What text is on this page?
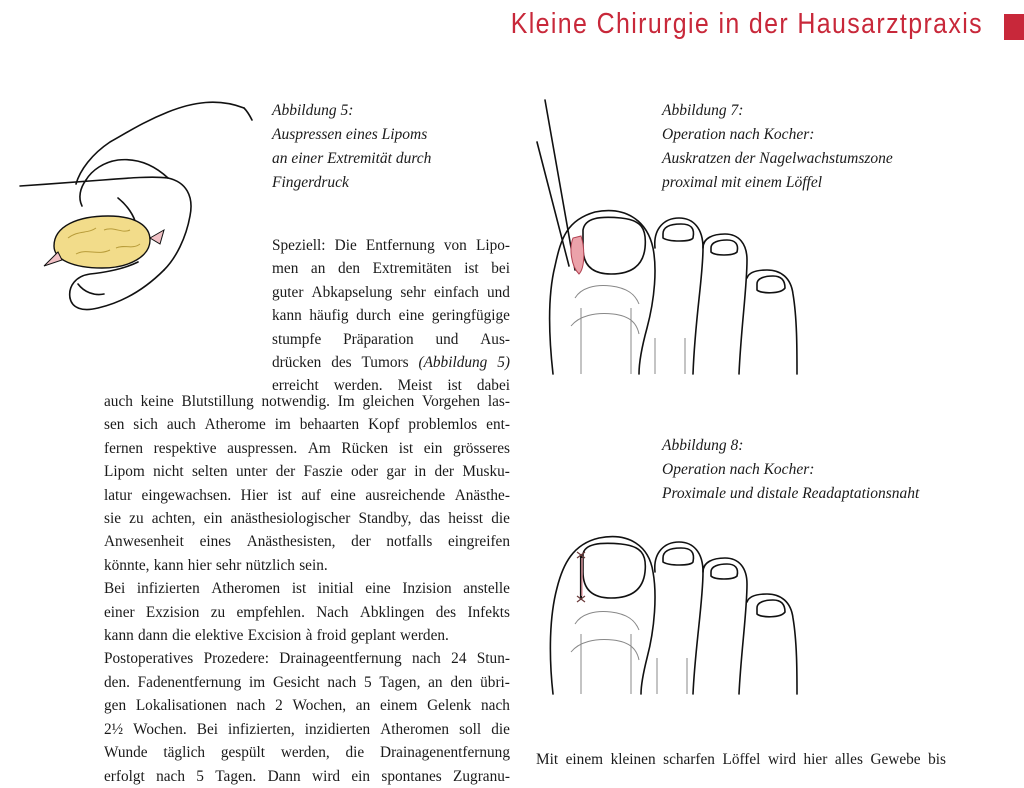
Kleine Chirurgie in der Hausarztpraxis
Abbildung 5:
Auspressen eines Lipoms
an einer Extremität durch
Fingerdruck
Speziell: Die Entfernung von Lipo-
men an den Extremitäten ist bei
guter Abkapselung sehr einfach und
kann häufig durch eine geringfügige
stumpfe Präparation und Aus-
drücken des Tumors (Abbildung 5)
erreicht werden. Meist ist dabei
auch keine Blutstillung notwendig. Im gleichen Vorgehen las-
sen sich auch Atherome im behaarten Kopf problemlos ent-
fernen respektive auspressen. Am Rücken ist ein grösseres
Lipom nicht selten unter der Faszie oder gar in der Musku-
latur eingewachsen. Hier ist auf eine ausreichende Anästhe-
sie zu achten, ein anästhesiologischer Standby, das heisst die
Anwesenheit eines Anästhesisten, der notfalls eingreifen
könnte, kann hier sehr nützlich sein.
Bei infizierten Atheromen ist initial eine Inzision anstelle
einer Exzision zu empfehlen. Nach Abklingen des Infekts
kann dann die elektive Excision à froid geplant werden.
Postoperatives Prozedere: Drainageentfernung nach 24 Stun-
den. Fadenentfernung im Gesicht nach 5 Tagen, an den übri-
gen Lokalisationen nach 2 Wochen, an einem Gelenk nach
2½ Wochen. Bei infizierten, inzidierten Atheromen soll die
Wunde täglich gespült werden, die Drainagenentfernung
erfolgt nach 5 Tagen. Dann wird ein spontanes Zugranu-
Abbildung 7:
Operation nach Kocher:
Auskratzen der Nagelwachstumszone
proximal mit einem Löffel
Abbildung 8:
Operation nach Kocher:
Proximale und distale Readaptationsnaht
Mit einem kleinen scharfen Löffel wird hier alles Gewebe bis
